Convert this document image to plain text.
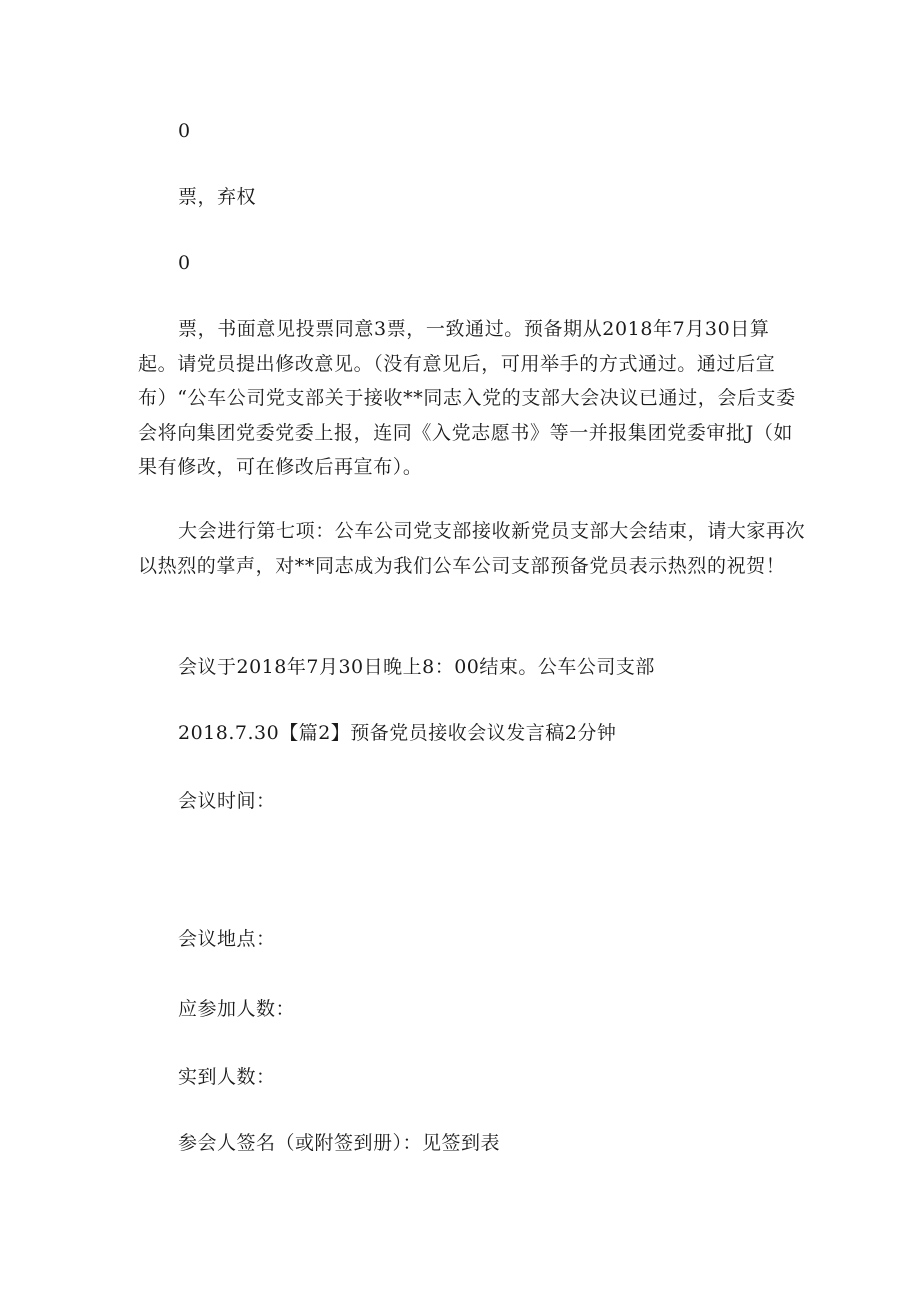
0

票，弃权

0

票，书面意见投票同意3票，一致通过。预备期从2018年7月30日算起。请党员提出修改意见。（没有意见后，可用举手的方式通过。通过后宣布）“公车公司党支部关于接收**同志入党的支部大会决议已通过，会后支委会将向集团党委党委上报，连同《入党志愿书》等一并报集团党委审批J（如果有修改，可在修改后再宣布）。

大会进行第七项：公车公司党支部接收新党员支部大会结束，请大家再次以热烈的掌声，对**同志成为我们公车公司支部预备党员表示热烈的祝贺！

会议于2018年7月30日晚上8：00结束。公车公司支部

2018.7.30【篇2】预备党员接收会议发言稿2分钟

会议时间：

会议地点：

应参加人数：

实到人数：

参会人签名（或附签到册）：见签到表
